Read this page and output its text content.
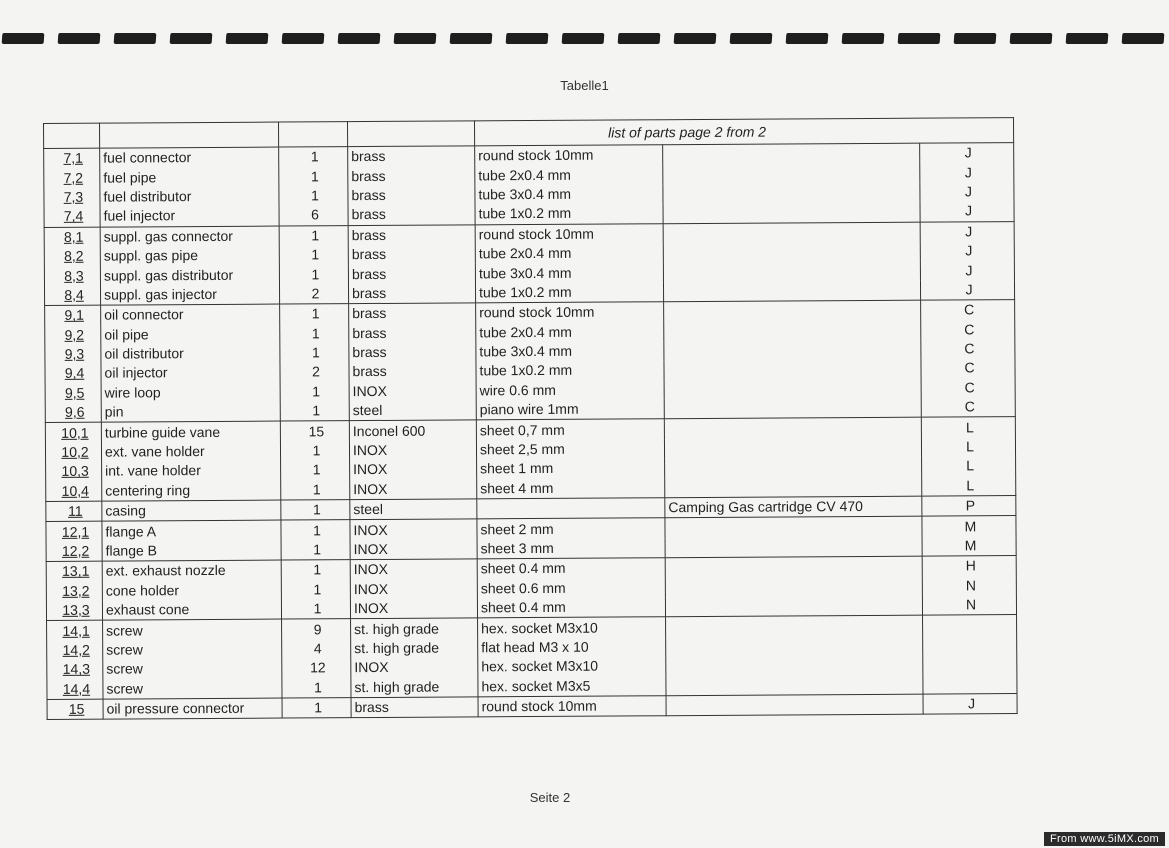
Tabelle1

				list of parts page 2 from 2		

7,1	fuel connector	1	brass	round stock 10mm		J
7,2	fuel pipe	1	brass	tube 2x0.4 mm		J
7,3	fuel distributor	1	brass	tube 3x0.4 mm		J
7,4	fuel injector	6	brass	tube 1x0.2 mm		J
8,1	suppl. gas connector	1	brass	round stock 10mm		J
8,2	suppl. gas pipe	1	brass	tube 2x0.4 mm		J
8,3	suppl. gas distributor	1	brass	tube 3x0.4 mm		J
8,4	suppl. gas injector	2	brass	tube 1x0.2 mm		J
9,1	oil connector	1	brass	round stock 10mm		C
9,2	oil pipe	1	brass	tube 2x0.4 mm		C
9,3	oil distributor	1	brass	tube 3x0.4 mm		C
9,4	oil injector	2	brass	tube 1x0.2 mm		C
9,5	wire loop	1	INOX	wire 0.6 mm		C
9,6	pin	1	steel	piano wire 1mm		C
10,1	turbine guide vane	15	Inconel 600	sheet 0,7 mm		L
10,2	ext. vane holder	1	INOX	sheet 2,5 mm		L
10,3	int. vane holder	1	INOX	sheet 1 mm		L
10,4	centering ring	1	INOX	sheet 4 mm		L
11	casing	1	steel		Camping Gas cartridge CV 470	P
12,1	flange A	1	INOX	sheet 2 mm		M
12,2	flange B	1	INOX	sheet 3 mm		M
13,1	ext. exhaust nozzle	1	INOX	sheet 0.4 mm		H
13,2	cone holder	1	INOX	sheet 0.6 mm		N
13,3	exhaust cone	1	INOX	sheet 0.4 mm		N
14,1	screw	9	st. high grade	hex. socket M3x10		
14,2	screw	4	st. high grade	flat head M3 x 10		
14,3	screw	12	INOX	hex. socket M3x10		
14,4	screw	1	st. high grade	hex. socket M3x5		
15	oil pressure connector	1	brass	round stock 10mm		J
Seite 2
From www.5iMX.com
